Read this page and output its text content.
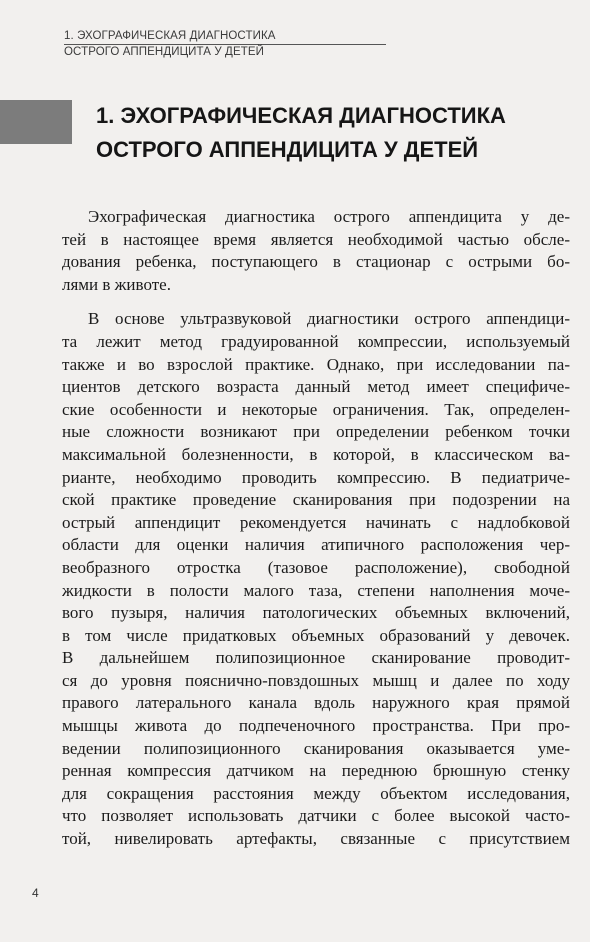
1. ЭХОГРАФИЧЕСКАЯ ДИАГНОСТИКА
ОСТРОГО АППЕНДИЦИТА У ДЕТЕЙ
1. ЭХОГРАФИЧЕСКАЯ ДИАГНОСТИКА
ОСТРОГО АППЕНДИЦИТА У ДЕТЕЙ

Эхографическая диагностика острого аппендицита у де-
тей в настоящее время является необходимой частью обсле-
дования ребенка, поступающего в стационар с острыми бо-
лями в животе.

В основе ультразвуковой диагностики острого аппендици-
та лежит метод градуированной компрессии, используемый
также и во взрослой практике. Однако, при исследовании па-
циентов детского возраста данный метод имеет специфиче-
ские особенности и некоторые ограничения. Так, определен-
ные сложности возникают при определении ребенком точки
максимальной болезненности, в которой, в классическом ва-
рианте, необходимо проводить компрессию. В педиатриче-
ской практике проведение сканирования при подозрении на
острый аппендицит рекомендуется начинать с надлобковой
области для оценки наличия атипичного расположения чер-
веобразного отростка (тазовое расположение), свободной
жидкости в полости малого таза, степени наполнения моче-
вого пузыря, наличия патологических объемных включений,
в том числе придатковых объемных образований у девочек.
В дальнейшем полипозиционное сканирование проводит-
ся до уровня пояснично-повздошных мышц и далее по ходу
правого латерального канала вдоль наружного края прямой
мышцы живота до подпеченочного пространства. При про-
ведении полипозиционного сканирования оказывается уме-
ренная компрессия датчиком на переднюю брюшную стенку
для сокращения расстояния между объектом исследования,
что позволяет использовать датчики с более высокой часто-
той, нивелировать артефакты, связанные с присутствием

4
